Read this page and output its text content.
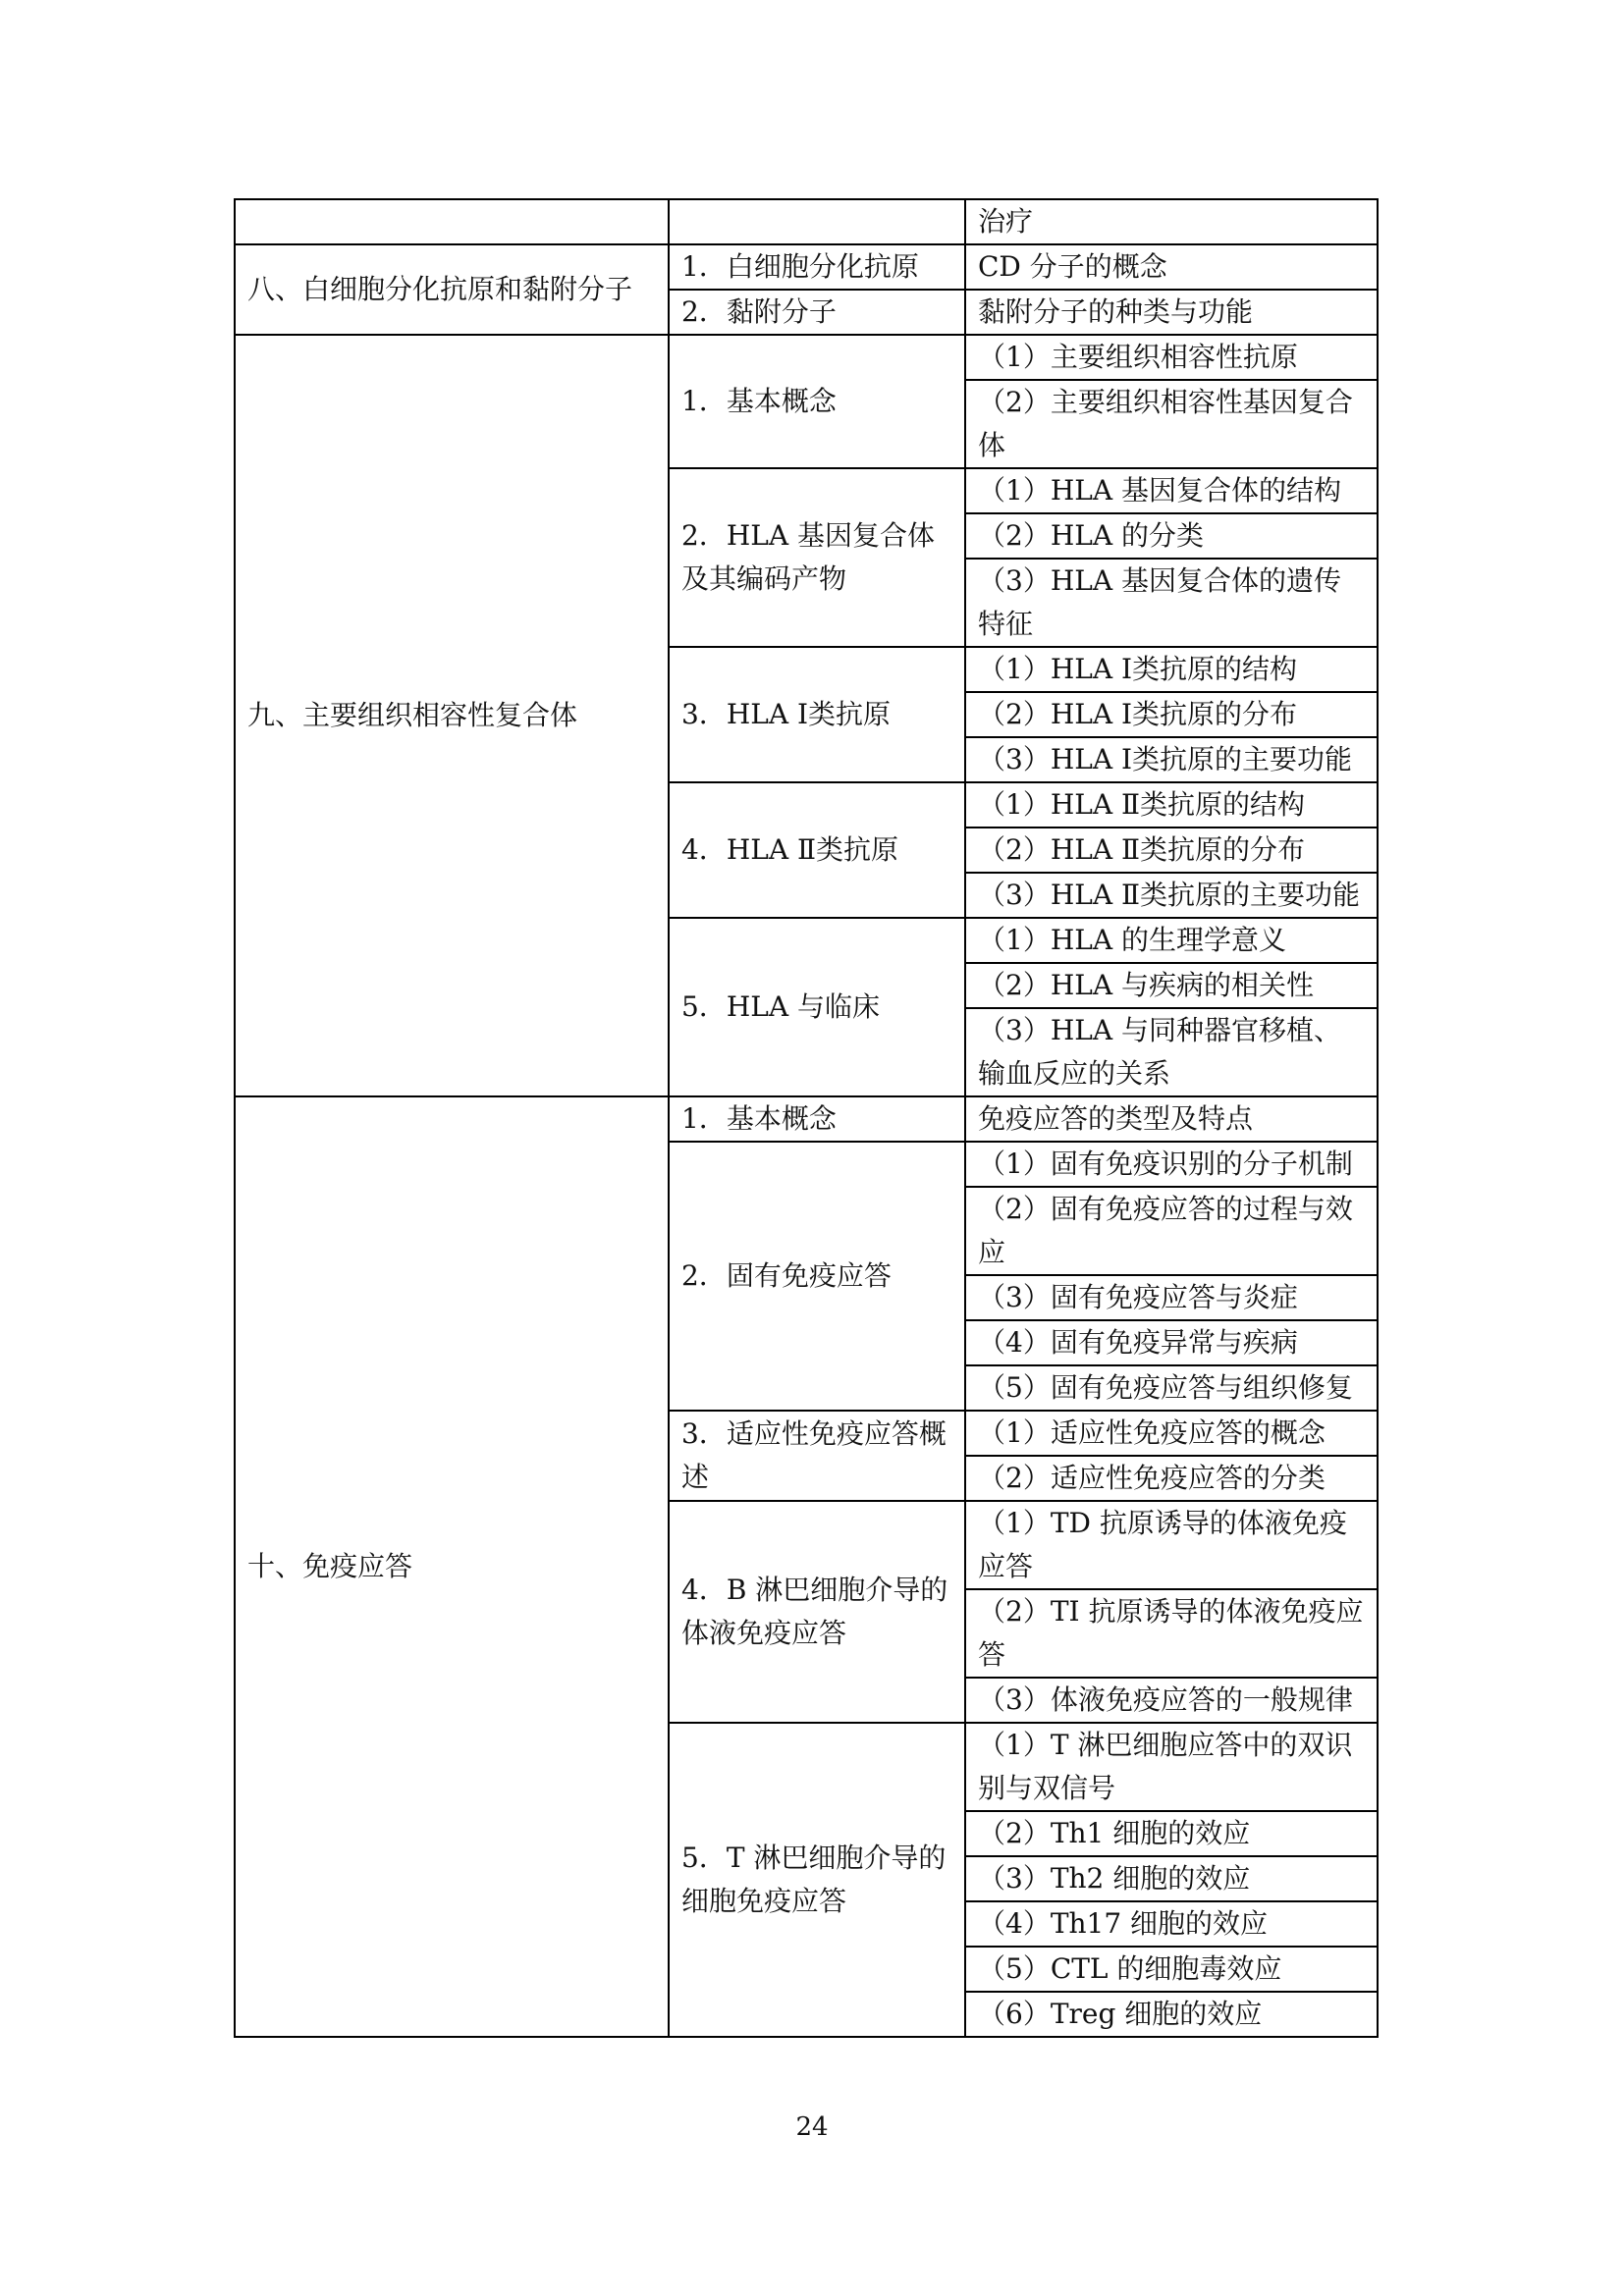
		治疗
八、白细胞分化抗原和黏附分子	1．白细胞分化抗原	CD 分子的概念
	2．黏附分子	黏附分子的种类与功能
九、主要组织相容性复合体	1．基本概念	（1）主要组织相容性抗原
		（2）主要组织相容性基因复合体
	2．HLA 基因复合体及其编码产物	（1）HLA 基因复合体的结构
		（2）HLA 的分类
		（3）HLA 基因复合体的遗传特征
	3．HLA Ⅰ类抗原	（1）HLA Ⅰ类抗原的结构
		（2）HLA Ⅰ类抗原的分布
		（3）HLA Ⅰ类抗原的主要功能
	4．HLA Ⅱ类抗原	（1）HLA Ⅱ类抗原的结构
		（2）HLA Ⅱ类抗原的分布
		（3）HLA Ⅱ类抗原的主要功能
	5．HLA 与临床	（1）HLA 的生理学意义
		（2）HLA 与疾病的相关性
		（3）HLA 与同种器官移植、输血反应的关系
十、免疫应答	1．基本概念	免疫应答的类型及特点
	2．固有免疫应答	（1）固有免疫识别的分子机制
		（2）固有免疫应答的过程与效应
		（3）固有免疫应答与炎症
		（4）固有免疫异常与疾病
		（5）固有免疫应答与组织修复
	3．适应性免疫应答概述	（1）适应性免疫应答的概念
		（2）适应性免疫应答的分类
	4．B 淋巴细胞介导的体液免疫应答	（1）TD 抗原诱导的体液免疫应答
		（2）TI 抗原诱导的体液免疫应答
		（3）体液免疫应答的一般规律
	5．T 淋巴细胞介导的细胞免疫应答	（1）T 淋巴细胞应答中的双识别与双信号
		（2）Th1 细胞的效应
		（3）Th2 细胞的效应
		（4）Th17 细胞的效应
		（5）CTL 的细胞毒效应
		（6）Treg 细胞的效应
24
